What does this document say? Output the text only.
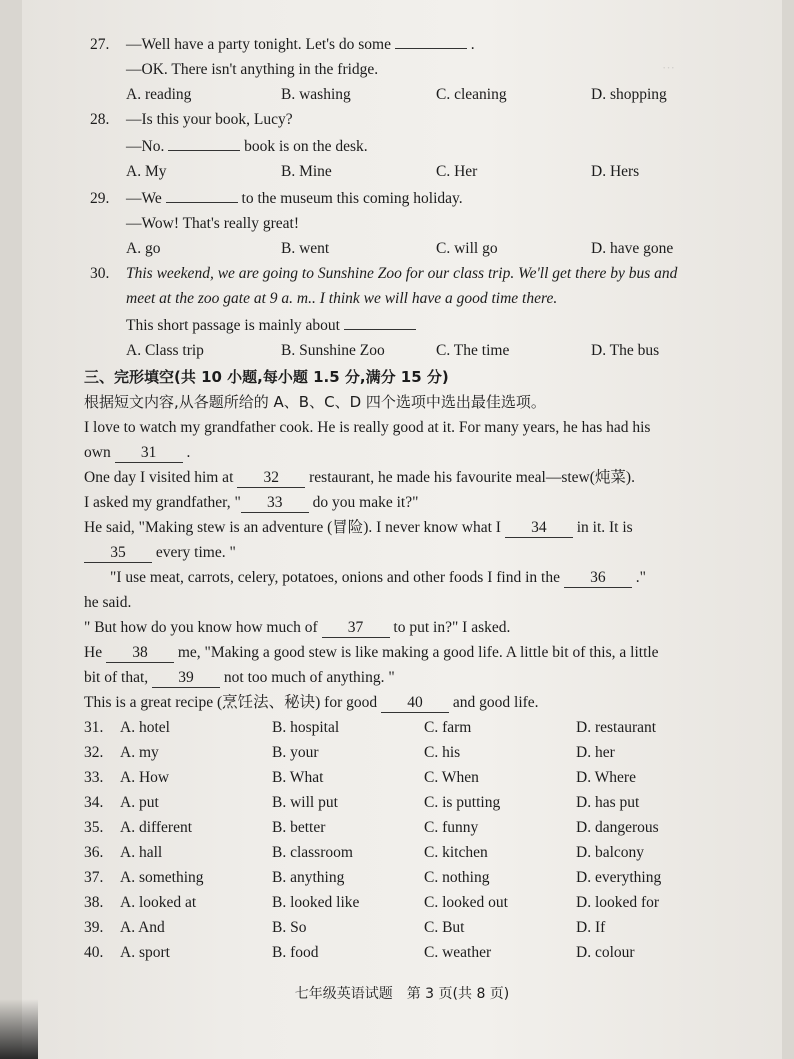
···

27. —Well have a party tonight. Let's do some	.

—OK. There isn't anything in the fridge.

A. reading	B. washing	C. cleaning	D. shopping

28. —Is this your book, Lucy?

—No.	book is on the desk.

A. My	B. Mine	C. Her	D. Hers

29. —We	to the museum this coming holiday.

—Wow! That's really great!

A. go	B. went	C. will go	D. have gone

30. This weekend, we are going to Sunshine Zoo for our class trip. We'll get there by bus and

meet at the zoo gate at 9 a. m.. I think we will have a good time there.

This short passage is mainly about

A. Class trip	B. Sunshine Zoo	C. The time	D. The bus
三、完形填空(共 10 小题,每小题 1.5 分,满分 15 分)
根据短文内容,从各题所给的 A、B、C、D 四个选项中选出最佳选项。

I love to watch my grandfather cook. He is really good at it. For many years, he has had his

own 31 .

One day I visited him at 32 restaurant, he made his favourite meal—stew(炖菜).

I asked my grandfather, " 33 do you make it?"

He said, "Making stew is an adventure (冒险). I never know what I 34 in it. It is

35 every time. "

"I use meat, carrots, celery, potatoes, onions and other foods I find in the 36 ."

he said.

" But how do you know how much of 37 to put in?" I asked.

He 38 me, "Making a good stew is like making a good life. A little bit of this, a little

bit of that, 39 not too much of anything. "

This is a great recipe (烹饪法、秘诀) for good 40 and good life.

31.	A. hotel	B. hospital	C. farm	D. restaurant
32.	A. my	B. your	C. his	D. her
33.	A. How	B. What	C. When	D. Where
34.	A. put	B. will put	C. is putting	D. has put
35.	A. different	B. better	C. funny	D. dangerous
36.	A. hall	B. classroom	C. kitchen	D. balcony
37.	A. something	B. anything	C. nothing	D. everything
38.	A. looked at	B. looked like	C. looked out	D. looked for
39.	A. And	B. So	C. But	D. If
40.	A. sport	B. food	C. weather	D. colour
七年级英语试题　第 3 页(共 8 页)
